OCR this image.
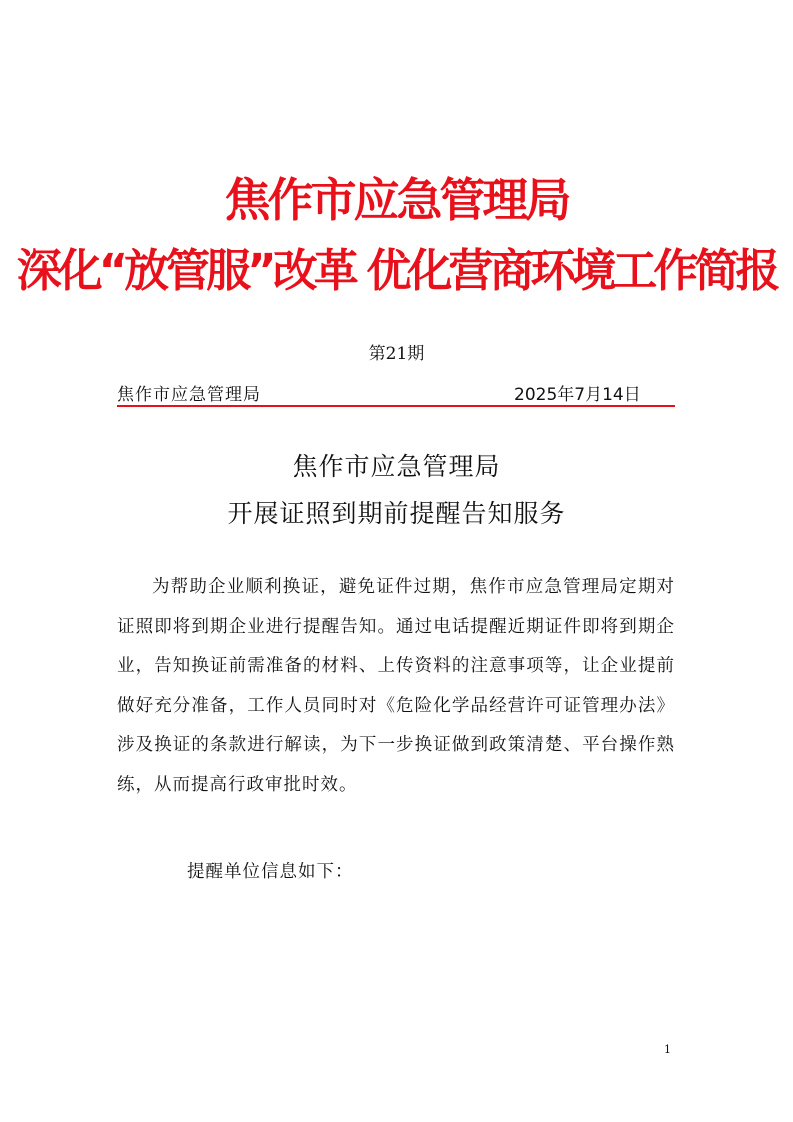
焦作市应急管理局
深化“放管服”改革 优化营商环境工作简报
第21期
焦作市应急管理局	2025年7月14日
焦作市应急管理局
开展证照到期前提醒告知服务

为帮助企业顺利换证，避免证件过期，焦作市应急管理局定期对证照即将到期企业进行提醒告知。通过电话提醒近期证件即将到期企业，告知换证前需准备的材料、上传资料的注意事项等，让企业提前做好充分准备，工作人员同时对《危险化学品经营许可证管理办法》涉及换证的条款进行解读，为下一步换证做到政策清楚、平台操作熟练，从而提高行政审批时效。

提醒单位信息如下：
1
